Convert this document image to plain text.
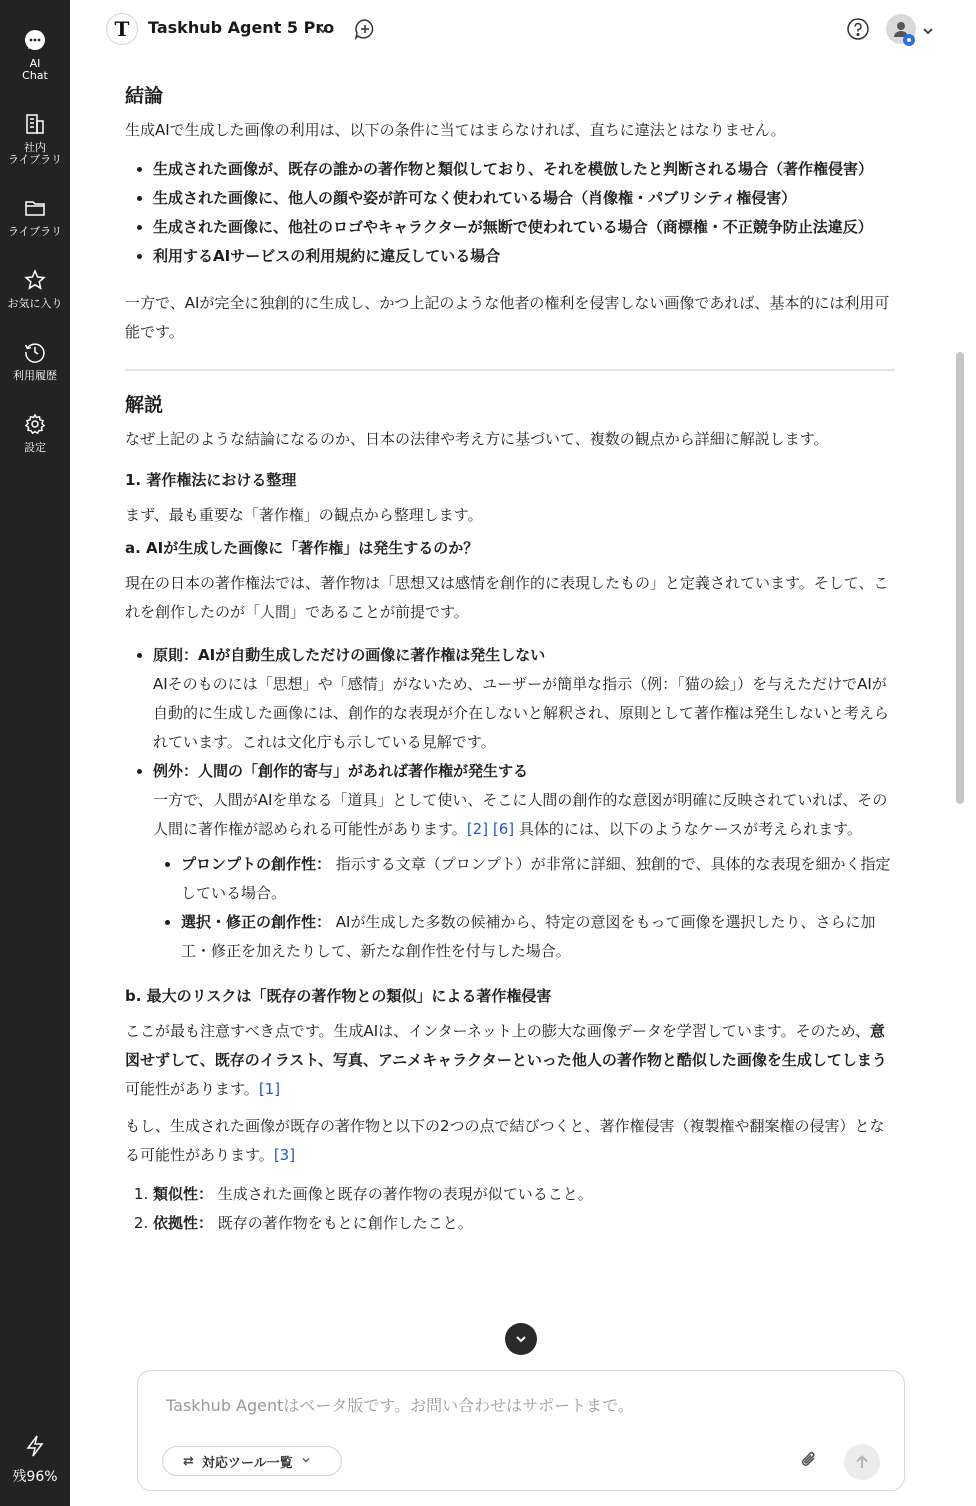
AI
Chat
社内
ライブラリ
ライブラリ
お気に入り
利用履歴
設定
残96%
T	Taskhub Agent 5 Pro
結論

生成AIで生成した画像の利用は、以下の条件に当てはまらなければ、直ちに違法とはなりません。

• 生成された画像が、既存の誰かの著作物と類似しており、それを模倣したと判断される場合（著作権侵害）
• 生成された画像に、他人の顔や姿が許可なく使われている場合（肖像権・パブリシティ権侵害）
• 生成された画像に、他社のロゴやキャラクターが無断で使われている場合（商標権・不正競争防止法違反）
• 利用するAIサービスの利用規約に違反している場合

一方で、AIが完全に独創的に生成し、かつ上記のような他者の権利を侵害しない画像であれば、基本的には利用可能です。

解説

なぜ上記のような結論になるのか、日本の法律や考え方に基づいて、複数の観点から詳細に解説します。

1. 著作権法における整理

まず、最も重要な「著作権」の観点から整理します。

a. AIが生成した画像に「著作権」は発生するのか？

現在の日本の著作権法では、著作物は「思想又は感情を創作的に表現したもの」と定義されています。そして、これを創作したのが「人間」であることが前提です。

• 原則：AIが自動生成しただけの画像に著作権は発生しない
AIそのものには「思想」や「感情」がないため、ユーザーが簡単な指示（例：「猫の絵」）を与えただけでAIが自動的に生成した画像には、創作的な表現が介在しないと解釈され、原則として著作権は発生しないと考えられています。これは文化庁も示している見解です。
• 例外：人間の「創作的寄与」があれば著作権が発生する
一方で、人間がAIを単なる「道具」として使い、そこに人間の創作的な意図が明確に反映されていれば、その人間に著作権が認められる可能性があります。[2] [6] 具体的には、以下のようなケースが考えられます。
• プロンプトの創作性： 指示する文章（プロンプト）が非常に詳細、独創的で、具体的な表現を細かく指定している場合。
• 選択・修正の創作性： AIが生成した多数の候補から、特定の意図をもって画像を選択したり、さらに加工・修正を加えたりして、新たな創作性を付与した場合。

b. 最大のリスクは「既存の著作物との類似」による著作権侵害

ここが最も注意すべき点です。生成AIは、インターネット上の膨大な画像データを学習しています。そのため、意図せずして、既存のイラスト、写真、アニメキャラクターといった他人の著作物と酷似した画像を生成してしまう可能性があります。[1]

もし、生成された画像が既存の著作物と以下の2つの点で結びつくと、著作権侵害（複製権や翻案権の侵害）となる可能性があります。[3]

1. 類似性： 生成された画像と既存の著作物の表現が似ていること。
2. 依拠性： 既存の著作物をもとに創作したこと。
Taskhub Agentはベータ版です。お問い合わせはサポートまで。
⇄ 対応ツール一覧
